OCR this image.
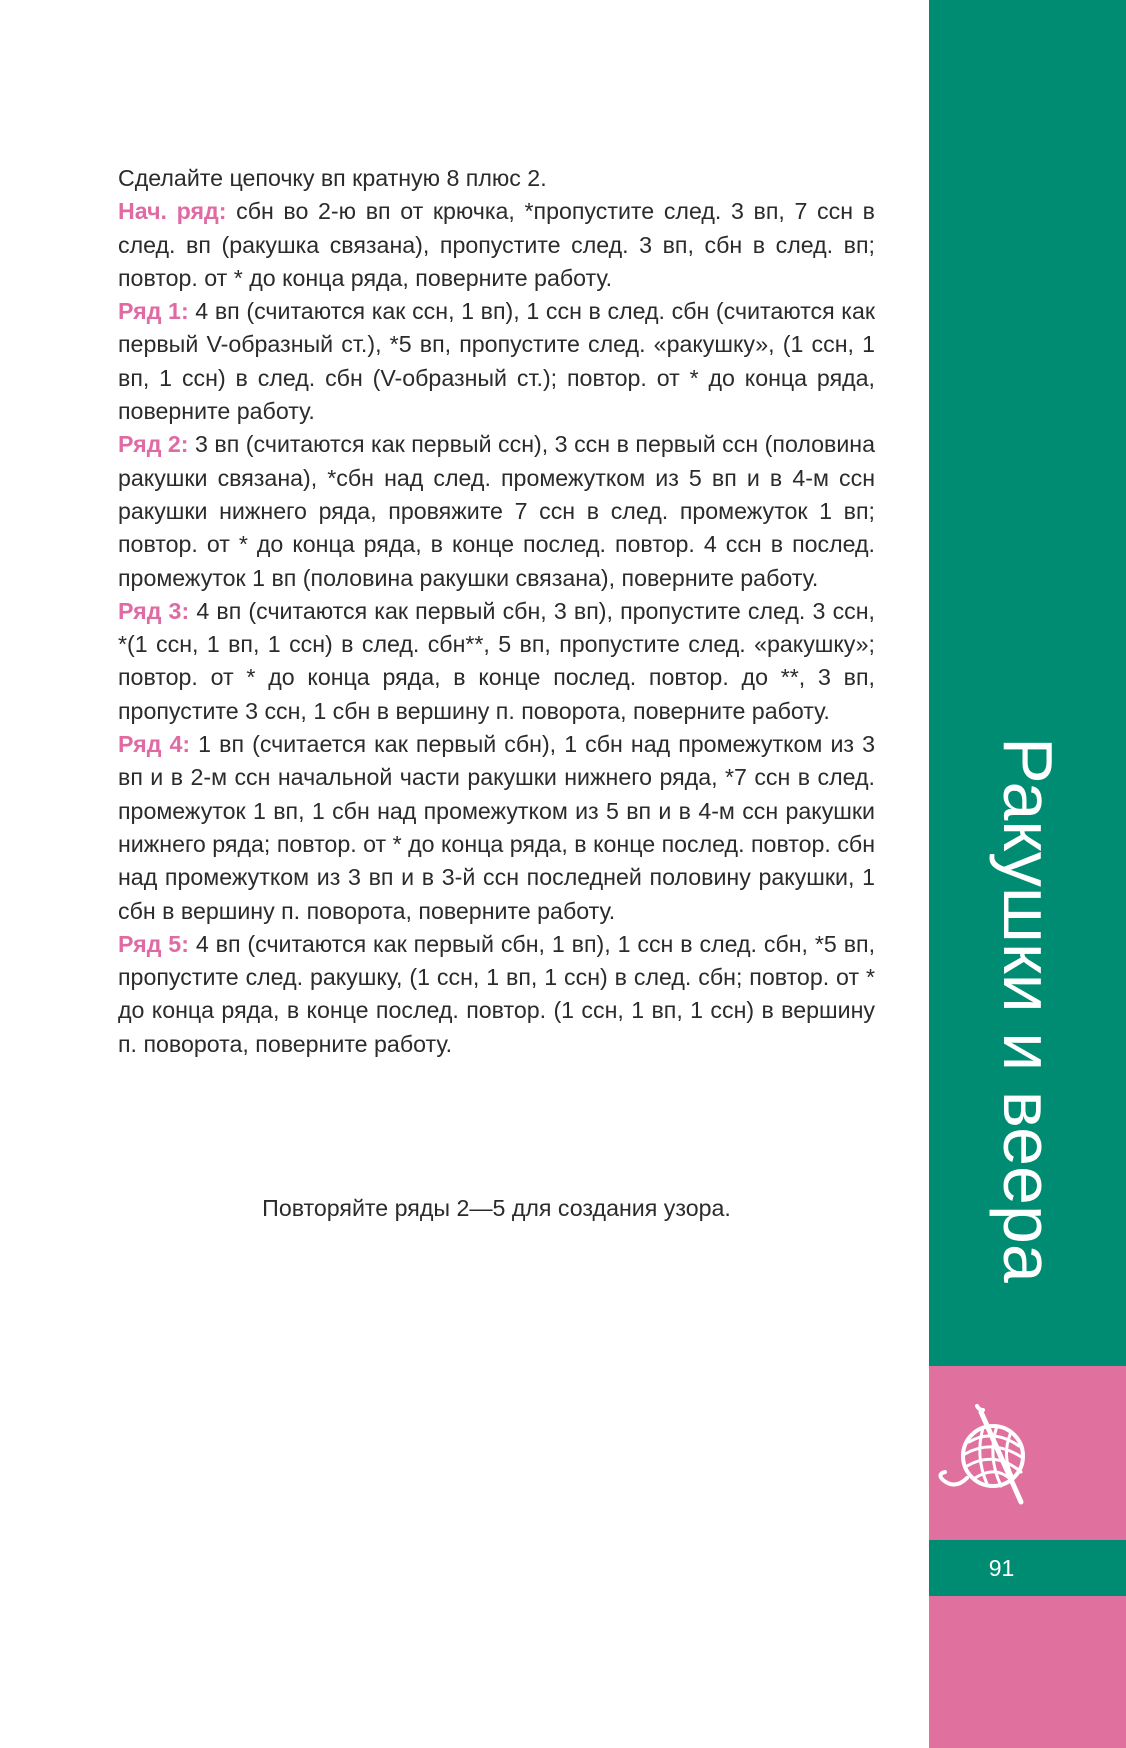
Сделайте цепочку вп кратную 8 плюс 2.

Нач. ряд: сбн во 2-ю вп от крючка, *пропустите след. 3 вп, 7 ссн в след. вп (ракушка связана), пропустите след. 3 вп, сбн в след. вп; повтор. от * до конца ряда, поверните работу.

Ряд 1: 4 вп (считаются как ссн, 1 вп), 1 ссн в след. сбн (считаются как первый V-образный ст.), *5 вп, пропустите след. «ракушку», (1 ссн, 1 вп, 1 ссн) в след. сбн (V-образный ст.); повтор. от * до конца ряда, поверните работу.

Ряд 2: 3 вп (считаются как первый ссн), 3 ссн в первый ссн (половина ракушки связана), *сбн над след. промежутком из 5 вп и в 4-м ссн ракушки нижнего ряда, провяжите 7 ссн в след. промежуток 1 вп; повтор. от * до конца ряда, в конце послед. повтор. 4 ссн в послед. промежуток 1 вп (половина ракушки связана), поверните работу.

Ряд 3: 4 вп (считаются как первый сбн, 3 вп), пропустите след. 3 ссн, *(1 ссн, 1 вп, 1 ссн) в след. сбн**, 5 вп, пропустите след. «ракушку»; повтор. от * до конца ряда, в конце послед. повтор. до **, 3 вп, пропустите 3 ссн, 1 сбн в вершину п. поворота, поверните работу.

Ряд 4: 1 вп (считается как первый сбн), 1 сбн над промежутком из 3 вп и в 2-м ссн начальной части ракушки нижнего ряда, *7 ссн в след. промежуток 1 вп, 1 сбн над промежутком из 5 вп и в 4-м ссн ракушки нижнего ряда; повтор. от * до конца ряда, в конце послед. повтор. сбн над промежутком из 3 вп и в 3-й ссн последней половину ракушки, 1 сбн в вершину п. поворота, поверните работу.

Ряд 5: 4 вп (считаются как первый сбн, 1 вп), 1 ссн в след. сбн, *5 вп, пропустите след. ракушку, (1 ссн, 1 вп, 1 ссн) в след. сбн; повтор. от * до конца ряда, в конце послед. повтор. (1 ссн, 1 вп, 1 ссн) в вершину п. поворота, поверните работу.

Повторяйте ряды 2—5 для создания узора.	Ракушки и веера
91
